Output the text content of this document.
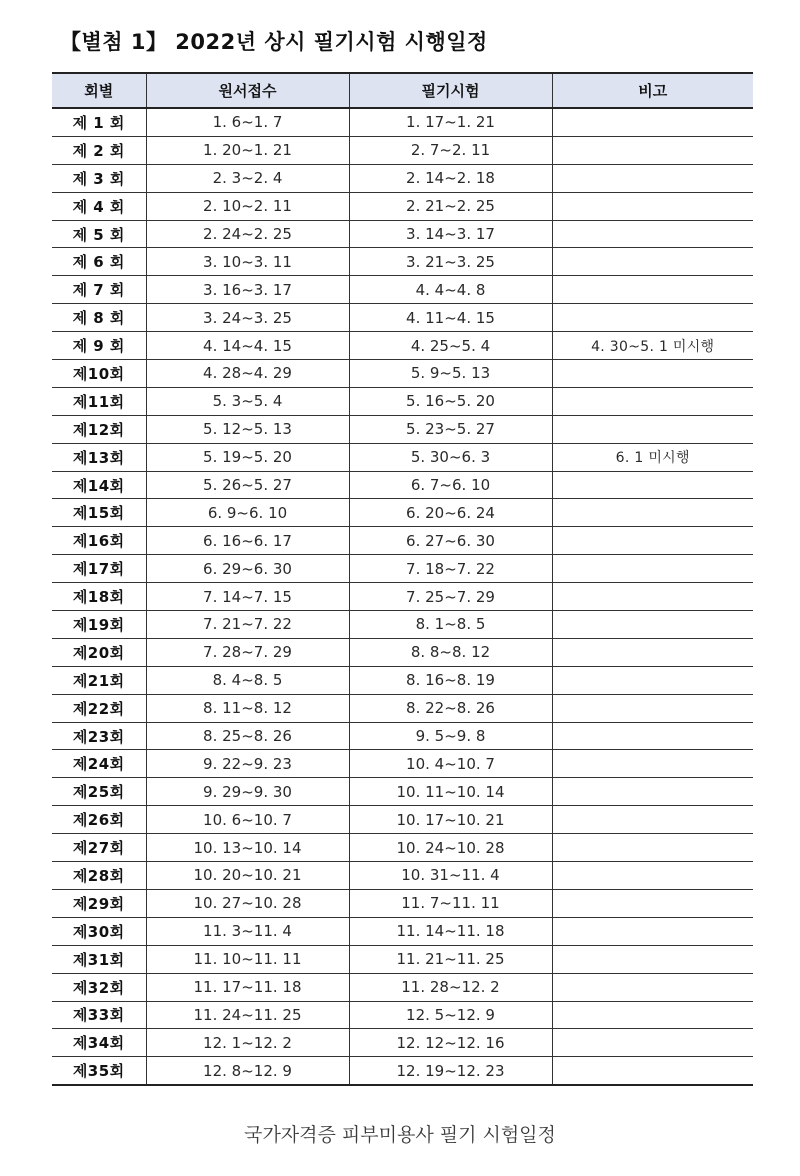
【별첨 1】 2022년 상시 필기시험 시행일정
회별	원서접수	필기시험	비고
제 1 회	1. 6~1. 7	1. 17~1. 21	
제 2 회	1. 20~1. 21	2. 7~2. 11	
제 3 회	2. 3~2. 4	2. 14~2. 18	
제 4 회	2. 10~2. 11	2. 21~2. 25	
제 5 회	2. 24~2. 25	3. 14~3. 17	
제 6 회	3. 10~3. 11	3. 21~3. 25	
제 7 회	3. 16~3. 17	4. 4~4. 8	
제 8 회	3. 24~3. 25	4. 11~4. 15	
제 9 회	4. 14~4. 15	4. 25~5. 4	4. 30~5. 1 미시행
제10회	4. 28~4. 29	5. 9~5. 13	
제11회	5. 3~5. 4	5. 16~5. 20	
제12회	5. 12~5. 13	5. 23~5. 27	
제13회	5. 19~5. 20	5. 30~6. 3	6. 1 미시행
제14회	5. 26~5. 27	6. 7~6. 10	
제15회	6. 9~6. 10	6. 20~6. 24	
제16회	6. 16~6. 17	6. 27~6. 30	
제17회	6. 29~6. 30	7. 18~7. 22	
제18회	7. 14~7. 15	7. 25~7. 29	
제19회	7. 21~7. 22	8. 1~8. 5	
제20회	7. 28~7. 29	8. 8~8. 12	
제21회	8. 4~8. 5	8. 16~8. 19	
제22회	8. 11~8. 12	8. 22~8. 26	
제23회	8. 25~8. 26	9. 5~9. 8	
제24회	9. 22~9. 23	10. 4~10. 7	
제25회	9. 29~9. 30	10. 11~10. 14	
제26회	10. 6~10. 7	10. 17~10. 21	
제27회	10. 13~10. 14	10. 24~10. 28	
제28회	10. 20~10. 21	10. 31~11. 4	
제29회	10. 27~10. 28	11. 7~11. 11	
제30회	11. 3~11. 4	11. 14~11. 18	
제31회	11. 10~11. 11	11. 21~11. 25	
제32회	11. 17~11. 18	11. 28~12. 2	
제33회	11. 24~11. 25	12. 5~12. 9	
제34회	12. 1~12. 2	12. 12~12. 16	
제35회	12. 8~12. 9	12. 19~12. 23	
국가자격증 피부미용사 필기 시험일정
